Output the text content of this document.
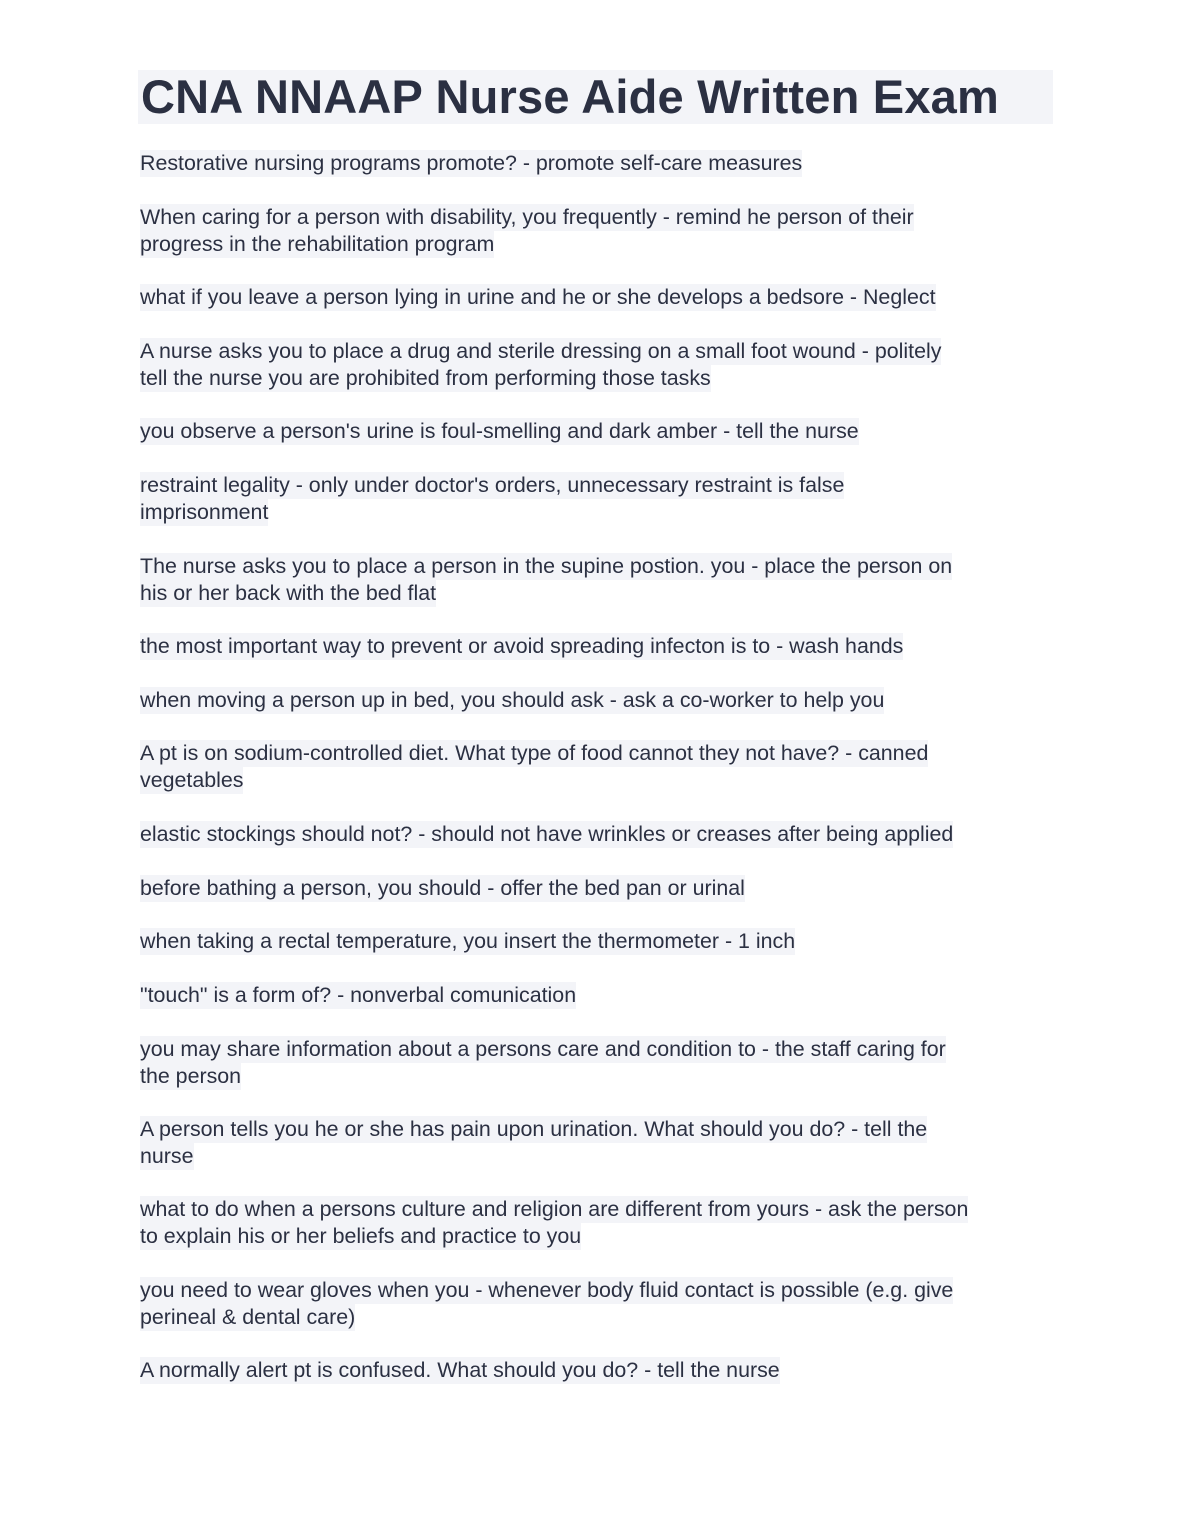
CNA NNAAP Nurse Aide Written Exam

Restorative nursing programs promote? - promote self-care measures

When caring for a person with disability, you frequently - remind he person of their
progress in the rehabilitation program

what if you leave a person lying in urine and he or she develops a bedsore - Neglect

A nurse asks you to place a drug and sterile dressing on a small foot wound - politely
tell the nurse you are prohibited from performing those tasks

you observe a person's urine is foul-smelling and dark amber - tell the nurse

restraint legality - only under doctor's orders, unnecessary restraint is false
imprisonment

The nurse asks you to place a person in the supine postion. you - place the person on
his or her back with the bed flat

the most important way to prevent or avoid spreading infecton is to - wash hands

when moving a person up in bed, you should ask - ask a co-worker to help you

A pt is on sodium-controlled diet. What type of food cannot they not have? - canned
vegetables

elastic stockings should not? - should not have wrinkles or creases after being applied

before bathing a person, you should - offer the bed pan or urinal

when taking a rectal temperature, you insert the thermometer - 1 inch

"touch" is a form of? - nonverbal comunication

you may share information about a persons care and condition to - the staff caring for
the person

A person tells you he or she has pain upon urination. What should you do? - tell the
nurse

what to do when a persons culture and religion are different from yours - ask the person
to explain his or her beliefs and practice to you

you need to wear gloves when you - whenever body fluid contact is possible (e.g. give
perineal & dental care)

A normally alert pt is confused. What should you do? - tell the nurse
